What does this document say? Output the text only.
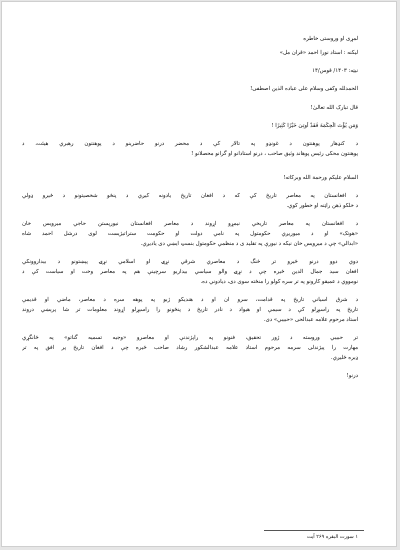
لمړی او وروستی خاطره
لیکنه : استاد نورا احمد «قران مل»
نیټه: ۱۴۰۳/ قوس/۱۴
الحمدلله وکفی وسلام علی عباده الذین اصطفی!
قال تبارک الله تعالیٰ!
وَمَن یُؤْتَ الْحِکْمَةَ فَقَدْ أُوتِیَ خَیْرًا كَثِیرًا !
د کنډهار پوهنتون د غونډو په تالار کې د محضر درنو حاضرینو د پوهنتون رهبري هیئت، د
پوهنتون محکی رئیس پوهاند وثیق صاحب ، درنو استادانو او گرانو محصلانو !
السلام علیکم ورحمة الله وبرکاته!
د افغانستان په معاصر تاریخ کې که د افغان تاریخ یادونه کیږي د پنځو شخصیتونو د ځیرو ډولي
د خلکو ذهن راټنه او خطور کوي.
د افغانستان په معاصر تاریخي نیمړو اړوند د معاصر افغانستان نیورپستن حاجي میرویس خان
«هوتک» او د میوریږي حکومتول په نامي دولت او حکومت ستراتیژیست لوی درشل احمد شاه
«ابدالي» چې د میرویس خان نیکه د نیورې په تقلید ی د منظمي حکومتول بنسټ ایښي دی یادیږي.
دوي دوو درنو ځیرو تر څنگ د معاصري شرقي نړۍ او اسلامي نړۍ پېښتونو د بیداروونکي
افغان سید جمال الدین ځیره چې د نړۍ والو سیاسي بیداریو سرچینې هم په معاصر وخت او سیاست کې د
نومووي د عمیقو کارونو په تر سره کولو را منځته سوی دی، دیادوني ده.
د شرق اسیاني تاریخ په قدامت، سرو ان او د هندیکو ژبو په پوهه سره د معاصر، ماضي او قدیمې
تاریخ په راسپړلو کې د سیمې او هیواد د نادر تاریخ د پنځونو را راسپړلو اړوند معلومات تر شا پرېښي دروند
استاد مرحوم علامه عبدالحی «حبیبي» دی.
تر حبیبي وروسته د ژور تحقیق، فنونو په راپژندنې او معاصرو «وجیه تسمیه گناتو» په ځانگړي
مهارت را پیژندلی سرمه مرحوم استاد علامه عبدالشکور رشاد صاحب ځیره چې د افغان تاریخ پر افق په تر
ډیره ځلیږي.
درنو!
۱ سورت البقره ۲۶۹ آیت
